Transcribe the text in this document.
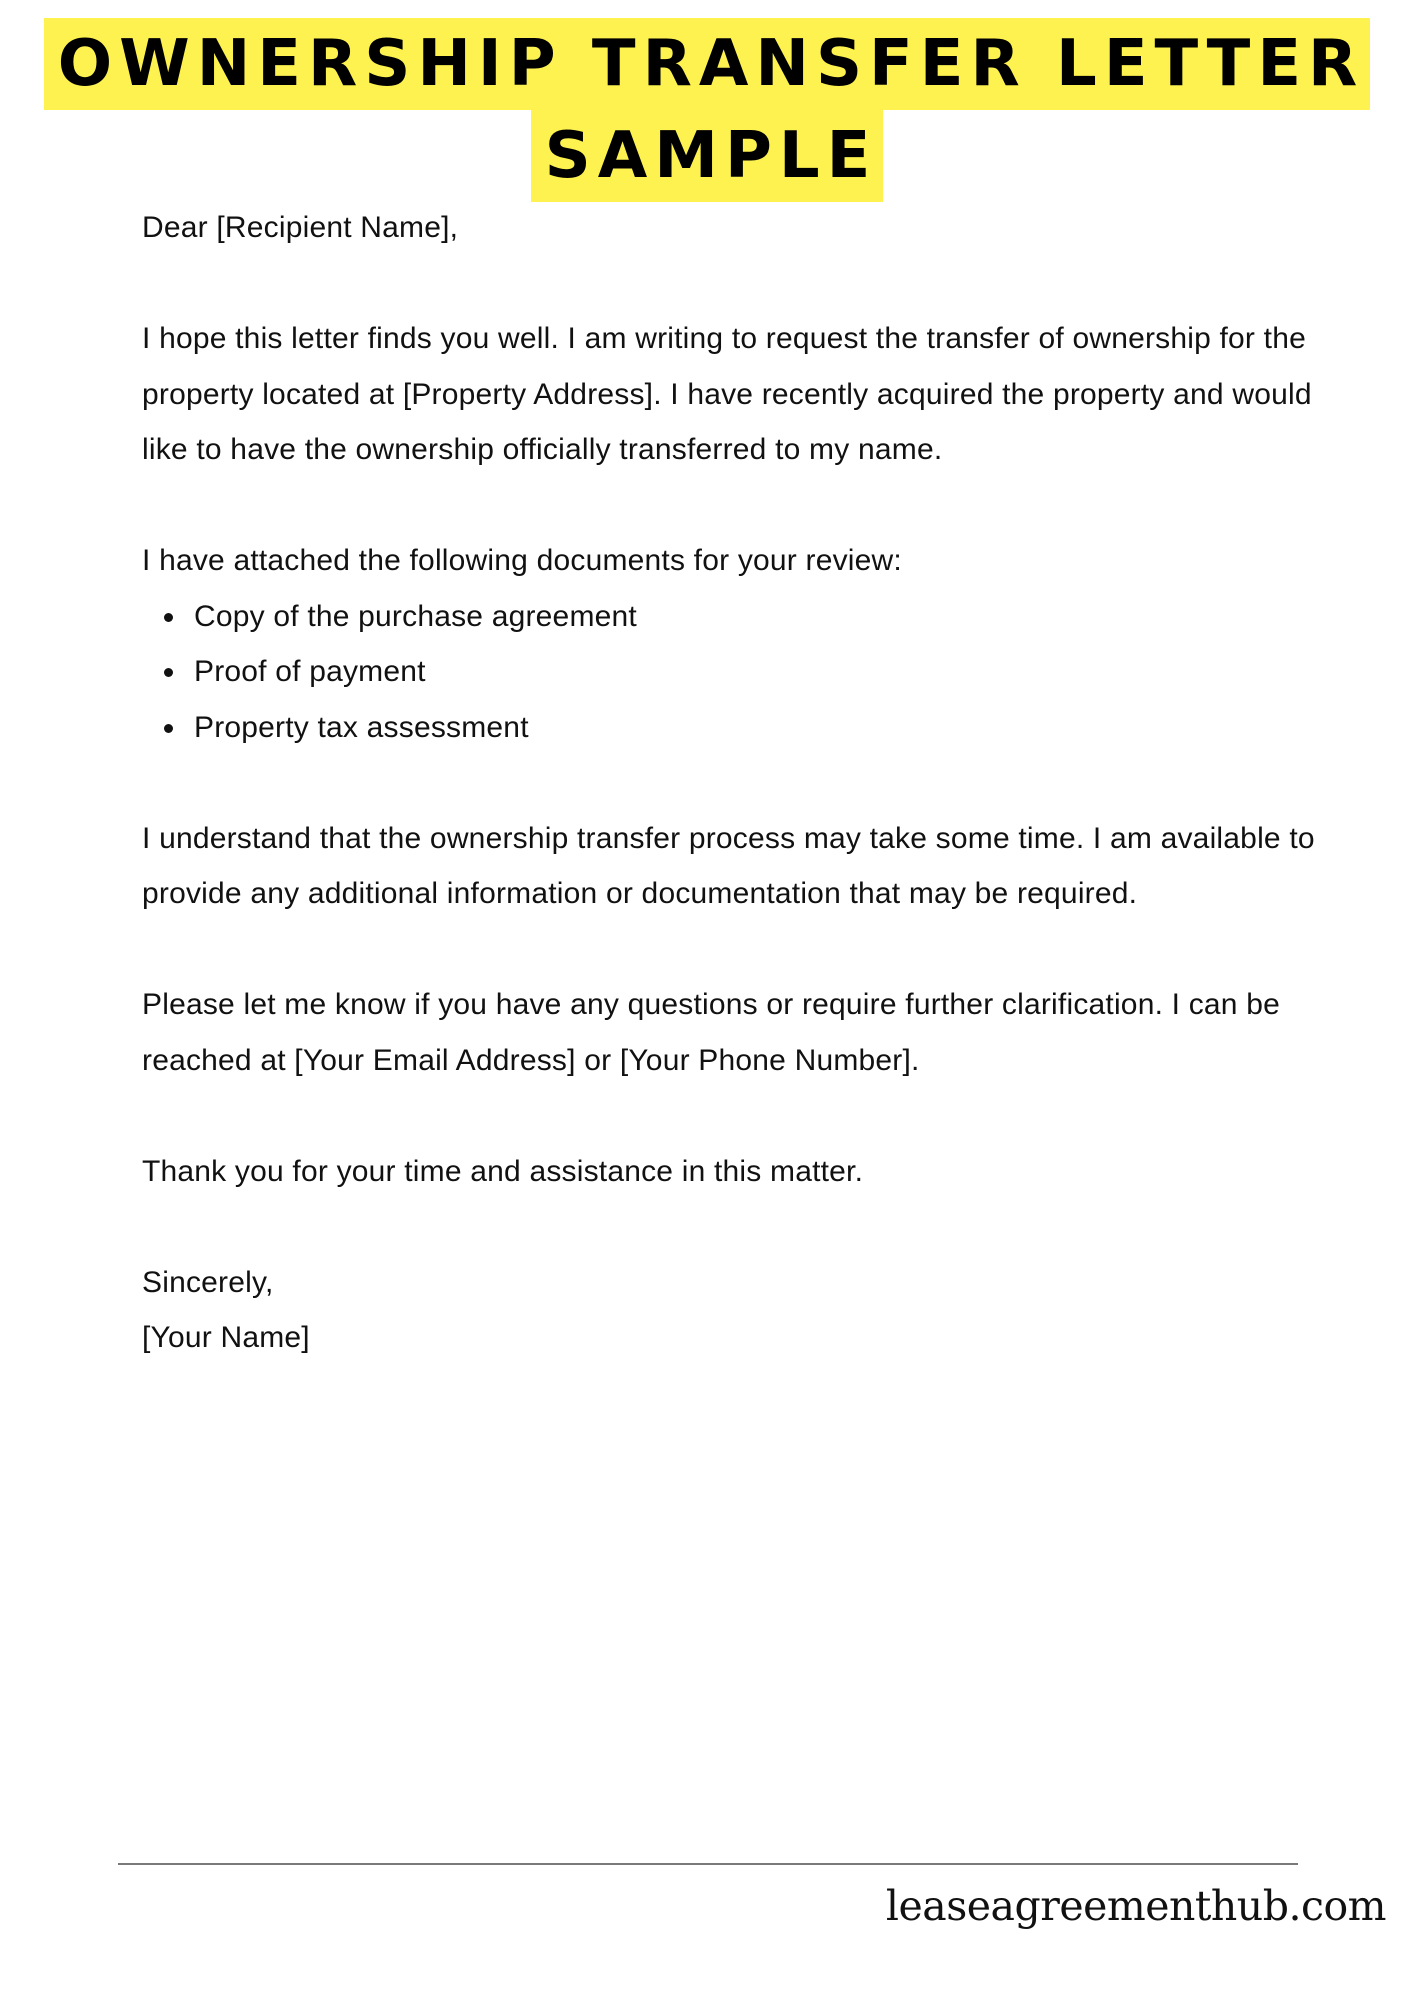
OWNERSHIP TRANSFER LETTER
SAMPLE

Dear [Recipient Name],

I hope this letter finds you well. I am writing to request the transfer of ownership for the property located at [Property Address]. I have recently acquired the property and would like to have the ownership officially transferred to my name.

I have attached the following documents for your review:

Copy of the purchase agreement
Proof of payment
Property tax assessment

I understand that the ownership transfer process may take some time. I am available to provide any additional information or documentation that may be required.

Please let me know if you have any questions or require further clarification. I can be reached at [Your Email Address] or [Your Phone Number].

Thank you for your time and assistance in this matter.

Sincerely,

[Your Name]

leaseagreementhub.com
